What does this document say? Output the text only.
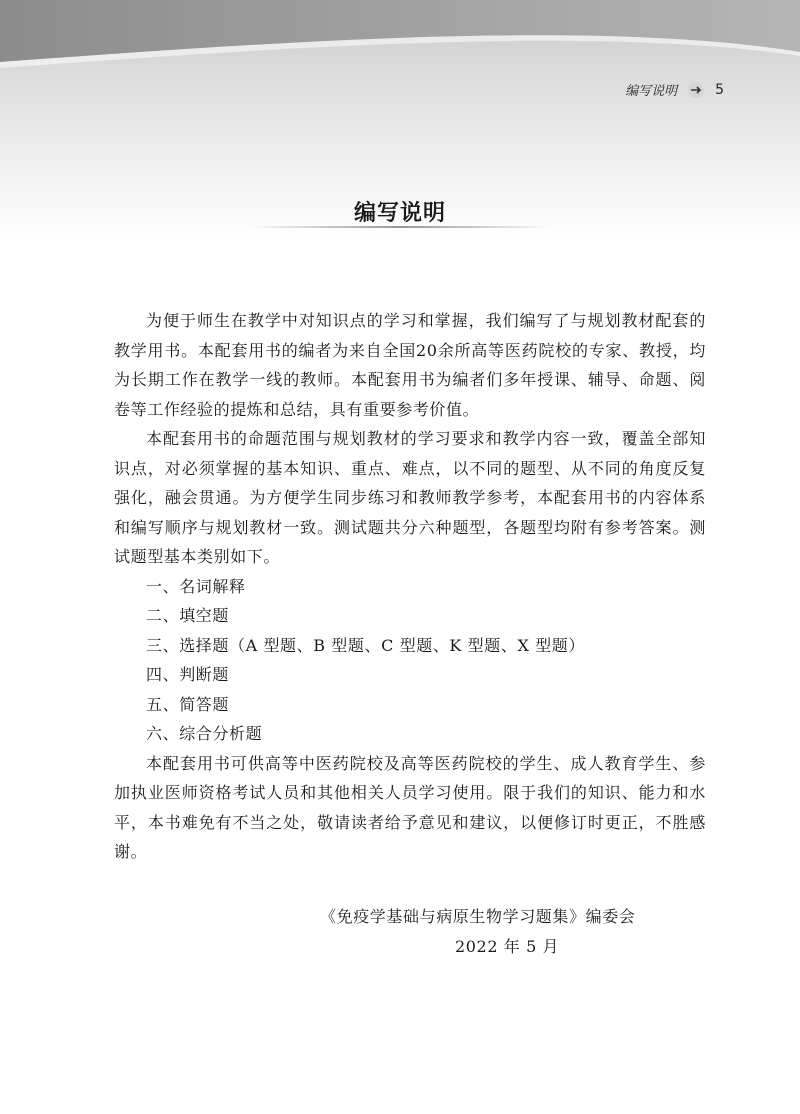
编写说明	5
编写说明

为便于师生在教学中对知识点的学习和掌握，我们编写了与规划教材配套的教学用书。本配套用书的编者为来自全国20余所高等医药院校的专家、教授，均为长期工作在教学一线的教师。本配套用书为编者们多年授课、辅导、命题、阅卷等工作经验的提炼和总结，具有重要参考价值。

本配套用书的命题范围与规划教材的学习要求和教学内容一致，覆盖全部知识点，对必须掌握的基本知识、重点、难点，以不同的题型、从不同的角度反复强化，融会贯通。为方便学生同步练习和教师教学参考，本配套用书的内容体系和编写顺序与规划教材一致。测试题共分六种题型，各题型均附有参考答案。测试题型基本类别如下。

一、名词解释

二、填空题

三、选择题（A 型题、B 型题、C 型题、K 型题、X 型题）

四、判断题

五、简答题

六、综合分析题

本配套用书可供高等中医药院校及高等医药院校的学生、成人教育学生、参加执业医师资格考试人员和其他相关人员学习使用。限于我们的知识、能力和水平，本书难免有不当之处，敬请读者给予意见和建议，以便修订时更正，不胜感谢。

《免疫学基础与病原生物学习题集》编委会
2022 年 5 月
